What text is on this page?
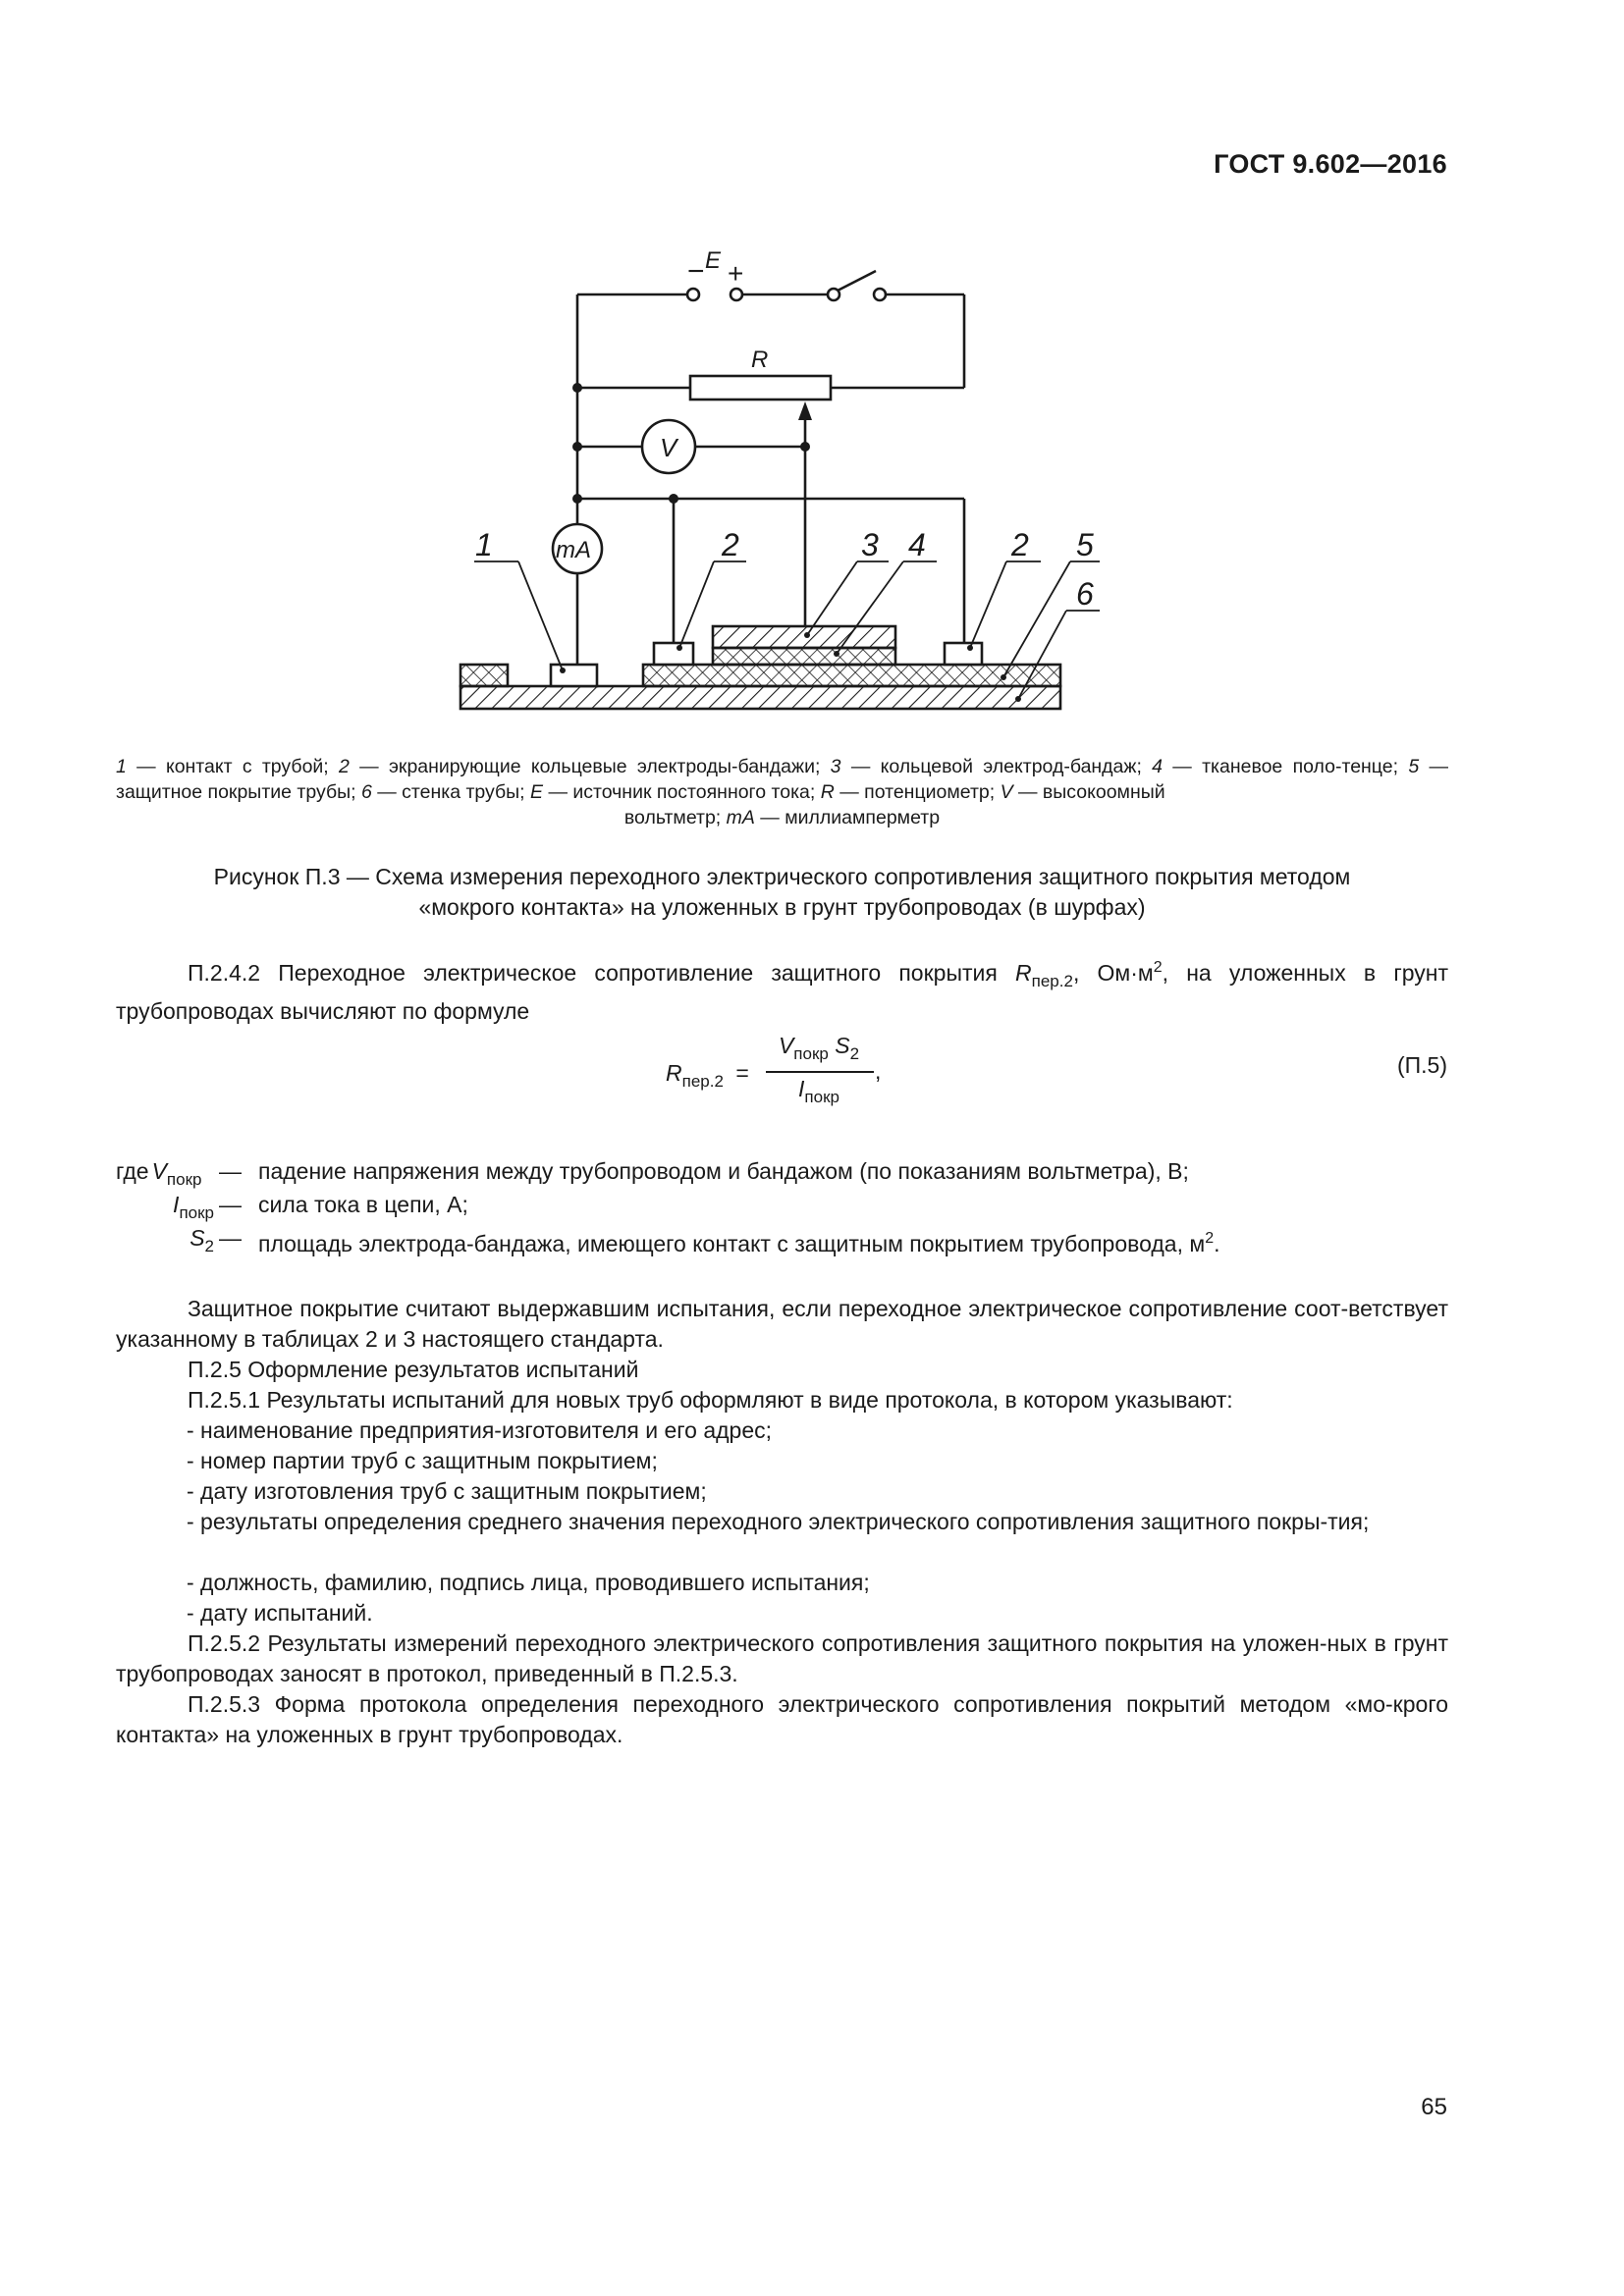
ГОСТ 9.602—2016
− E +
R
V
mA
1	2	3 4	2 5
6
1 — контакт с трубой; 2 — экранирующие кольцевые электроды-бандажи; 3 — кольцевой электрод-бандаж; 4 — тканевое поло-тенце; 5 — защитное покрытие трубы; 6 — стенка трубы; E — источник постоянного тока; R — потенциометр; V — высокоомный
вольтметр; mA — миллиамперметр
Рисунок П.3 — Схема измерения переходного электрического сопротивления защитного покрытия методом
«мокрого контакта» на уложенных в грунт трубопроводах (в шурфах)
П.2.4.2 Переходное электрическое сопротивление защитного покрытия $R_{пер.2}$, $Ом\cdot м^2$, на уложенных в грунт трубопроводах вычисляют по формуле
$R_{пер.2}$ =
$V_{покр}$ $S_2$
$I_{покр}$
,	(П.5)
где $V_{покр}$ — падение напряжения между трубопроводом и бандажом (по показаниям вольтметра), В;
$I_{покр}$ — сила тока в цепи, А;
$S_2$ — площадь электрода-бандажа, имеющего контакт с защитным покрытием трубопровода, $м^2$.
Защитное покрытие считают выдержавшим испытания, если переходное электрическое сопротивление соот-ветствует указанному в таблицах 2 и 3 настоящего стандарта.
П.2.5 Оформление результатов испытаний
П.2.5.1 Результаты испытаний для новых труб оформляют в виде протокола, в котором указывают:
- наименование предприятия-изготовителя и его адрес;
- номер партии труб с защитным покрытием;
- дату изготовления труб с защитным покрытием;
- результаты определения среднего значения переходного электрического сопротивления защитного покры-тия;
- должность, фамилию, подпись лица, проводившего испытания;
- дату испытаний.
П.2.5.2 Результаты измерений переходного электрического сопротивления защитного покрытия на уложен-ных в грунт трубопроводах заносят в протокол, приведенный в П.2.5.3.
П.2.5.3 Форма протокола определения переходного электрического сопротивления покрытий методом «мо-крого контакта» на уложенных в грунт трубопроводах.
65
